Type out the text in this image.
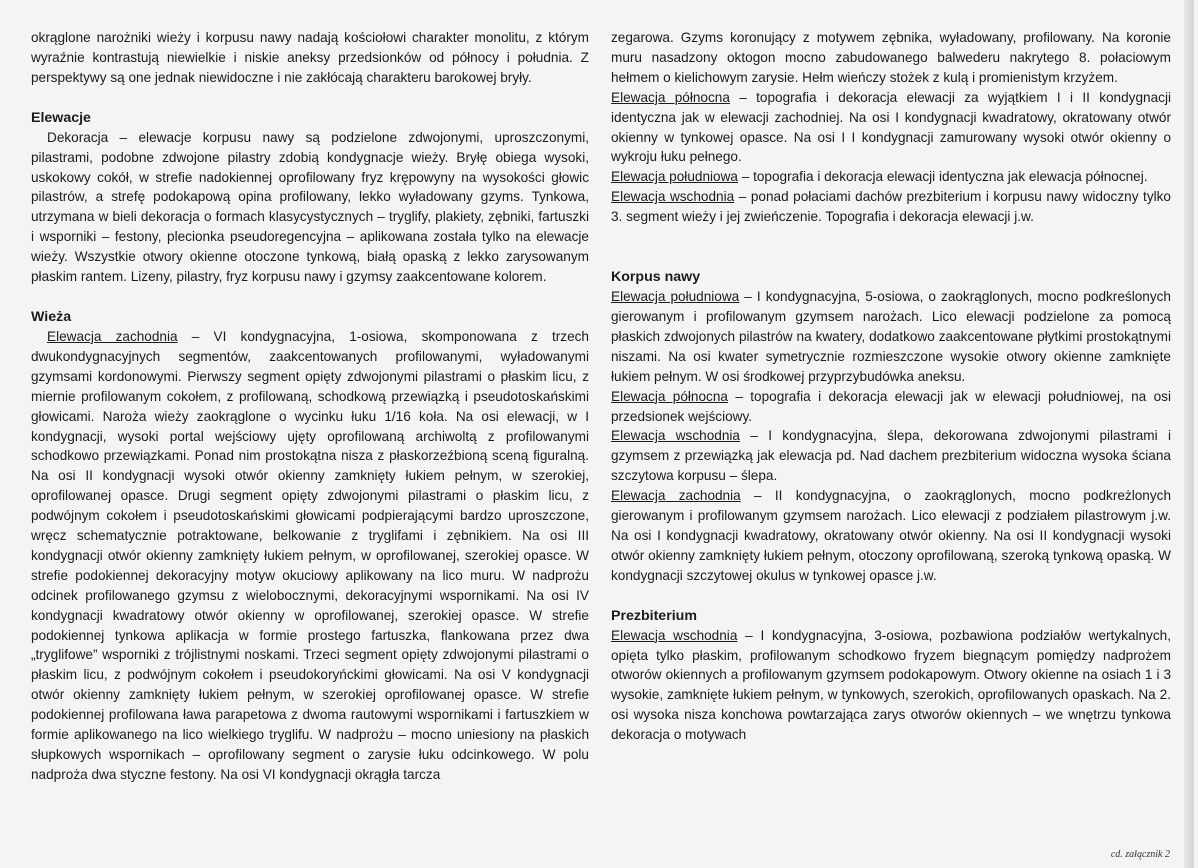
okrąglone narożniki wieży i korpusu nawy nadają kościołowi charakter monolitu, z którym wyraźnie kontrastują niewielkie i niskie aneksy przedsionków od północy i południa. Z perspektywy są one jednak niewidoczne i nie zakłócają charakteru barokowej bryły.

Elewacje

Dekoracja – elewacje korpusu nawy są podzielone zdwojonymi, uproszczonymi, pilastrami, podobne zdwojone pilastry zdobią kondygnacje wieży. Bryłę obiega wysoki, uskokowy cokół, w strefie nadokiennej oprofilowany fryz krępowyny na wysokości głowic pilastrów, a strefę podokapową opina profilowany, lekko wyładowany gzyms. Tynkowa, utrzymana w bieli dekoracja o formach klasycystycznych – tryglify, plakiety, zębniki, fartuszki i wsporniki – festony, plecionka pseudoregencyjna – aplikowana została tylko na elewacje wieży. Wszystkie otwory okienne otoczone tynkową, białą opaską z lekko zarysowanym płaskim rantem. Lizeny, pilastry, fryz korpusu nawy i gzymsy zaakcentowane kolorem.

Wieża

Elewacja zachodnia – VI kondygnacyjna, 1-osiowa, skomponowana z trzech dwukondygnacyjnych segmentów, zaakcentowanych profilowanymi, wyładowanymi gzymsami kordonowymi. Pierwszy segment opięty zdwojonymi pilastrami o płaskim licu, z miernie profilowanym cokołem, z profilowaną, schodkową przewiązką i pseudotoskańskimi głowicami. Naroża wieży zaokrąglone o wycinku łuku 1/16 koła. Na osi elewacji, w I kondygnacji, wysoki portal wejściowy ujęty oprofilowaną archiwoltą z profilowanymi schodkowo przewiązkami. Ponad nim prostokątna nisza z płaskorzeźbioną sceną figuralną. Na osi II kondygnacji wysoki otwór okienny zamknięty łukiem pełnym, w szerokiej, oprofilowanej opasce. Drugi segment opięty zdwojonymi pilastrami o płaskim licu, z podwójnym cokołem i pseudotoskańskimi głowicami podpierającymi bardzo uproszczone, wręcz schematycznie potraktowane, belkowanie z tryglifami i zębnikiem. Na osi III kondygnacji otwór okienny zamknięty łukiem pełnym, w oprofilowanej, szerokiej opasce. W strefie podokiennej dekoracyjny motyw okuciowy aplikowany na lico muru. W nadprożu odcinek profilowanego gzymsu z wielobocznymi, dekoracyjnymi wspornikami. Na osi IV kondygnacji kwadratowy otwór okienny w oprofilowanej, szerokiej opasce. W strefie podokiennej tynkowa aplikacja w formie prostego fartuszka, flankowana przez dwa „tryglifowe” wsporniki z trójlistnymi noskami. Trzeci segment opięty zdwojonymi pilastrami o płaskim licu, z podwójnym cokołem i pseudokoryńckimi głowicami. Na osi V kondygnacji otwór okienny zamknięty łukiem pełnym, w szerokiej oprofilowanej opasce. W strefie podokiennej profilowana ława parapetowa z dwoma rautowymi wspornikami i fartuszkiem w formie aplikowanego na lico wielkiego tryglifu. W nadprożu – mocno uniesiony na płaskich słupkowych wspornikach – oprofilowany segment o zarysie łuku odcinkowego. W polu nadproża dwa styczne festony. Na osi VI kondygnacji okrągła tarcza

zegarowa. Gzyms koronujący z motywem zębnika, wyładowany, profilowany. Na koronie muru nasadzony oktogon mocno zabudowanego balwederu nakrytego 8. połaciowym hełmem o kielichowym zarysie. Hełm wieńczy stożek z kulą i promienistym krzyżem.

Elewacja północna – topografia i dekoracja elewacji za wyjątkiem I i II kondygnacji identyczna jak w elewacji zachodniej. Na osi I kondygnacji kwadratowy, okratowany otwór okienny w tynkowej opasce. Na osi I I kondygnacji zamurowany wysoki otwór okienny o wykroju łuku pełnego.

Elewacja południowa – topografia i dekoracja elewacji identyczna jak elewacja północnej.

Elewacja wschodnia – ponad połaciami dachów prezbiterium i korpusu nawy widoczny tylko 3. segment wieży i jej zwieńczenie. Topografia i dekoracja elewacji j.w.

Korpus nawy

Elewacja południowa – I kondygnacyjna, 5-osiowa, o zaokrąglonych, mocno podkreślonych gierowanym i profilowanym gzymsem narożach. Lico elewacji podzielone za pomocą płaskich zdwojonych pilastrów na kwatery, dodatkowo zaakcentowane płytkimi prostokątnymi niszami. Na osi kwater symetrycznie rozmieszczone wysokie otwory okienne zamknięte łukiem pełnym. W osi środkowej przyprzybudówka aneksu.

Elewacja północna – topografia i dekoracja elewacji jak w elewacji południowej, na osi przedsionek wejściowy.

Elewacja wschodnia – I kondygnacyjna, ślepa, dekorowana zdwojonymi pilastrami i gzymsem z przewiązką jak elewacja pd. Nad dachem prezbiterium widoczna wysoka ściana szczytowa korpusu – ślepa.

Elewacja zachodnia – II kondygnacyjna, o zaokrąglonych, mocno podkreżlonych gierowanym i profilowanym gzymsem narożach. Lico elewacji z podziałem pilastrowym j.w. Na osi I kondygnacji kwadratowy, okratowany otwór okienny. Na osi II kondygnacji wysoki otwór okienny zamknięty łukiem pełnym, otoczony oprofilowaną, szeroką tynkową opaską. W kondygnacji szczytowej okulus w tynkowej opasce j.w.

Prezbiterium

Elewacja wschodnia – I kondygnacyjna, 3-osiowa, pozbawiona podziałów wertykalnych, opięta tylko płaskim, profilowanym schodkowo fryzem biegnącym pomiędzy nadprożem otworów okiennych a profilowanym gzymsem podokapowym. Otwory okienne na osiach 1 i 3 wysokie, zamknięte łukiem pełnym, w tynkowych, szerokich, oprofilowanych opaskach. Na 2. osi wysoka nisza konchowa powtarzająca zarys otworów okiennych – we wnętrzu tynkowa dekoracja o motywach

cd. załącznik 2
